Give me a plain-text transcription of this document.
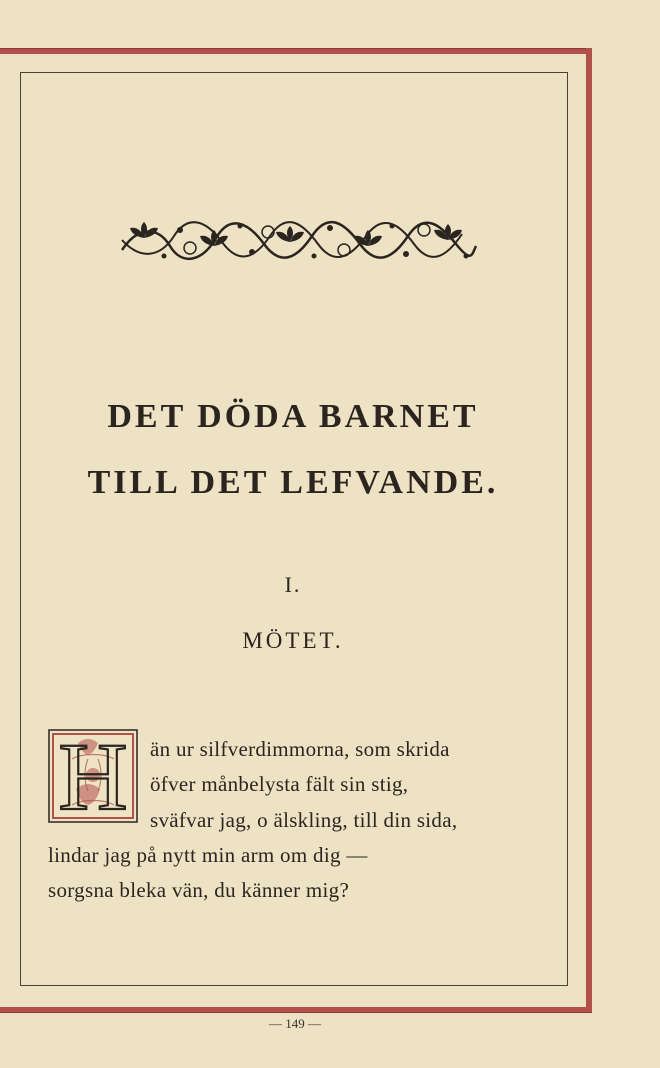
DET DÖDA BARNET
TILL DET LEFVANDE.
I.
MÖTET.
H än ur silfverdimmorna, som skrida
öfver månbelysta fält sin stig,
sväfvar jag, o älskling, till din sida,
lindar jag på nytt min arm om dig —
sorgsna bleka vän, du känner mig?
— 149 —
